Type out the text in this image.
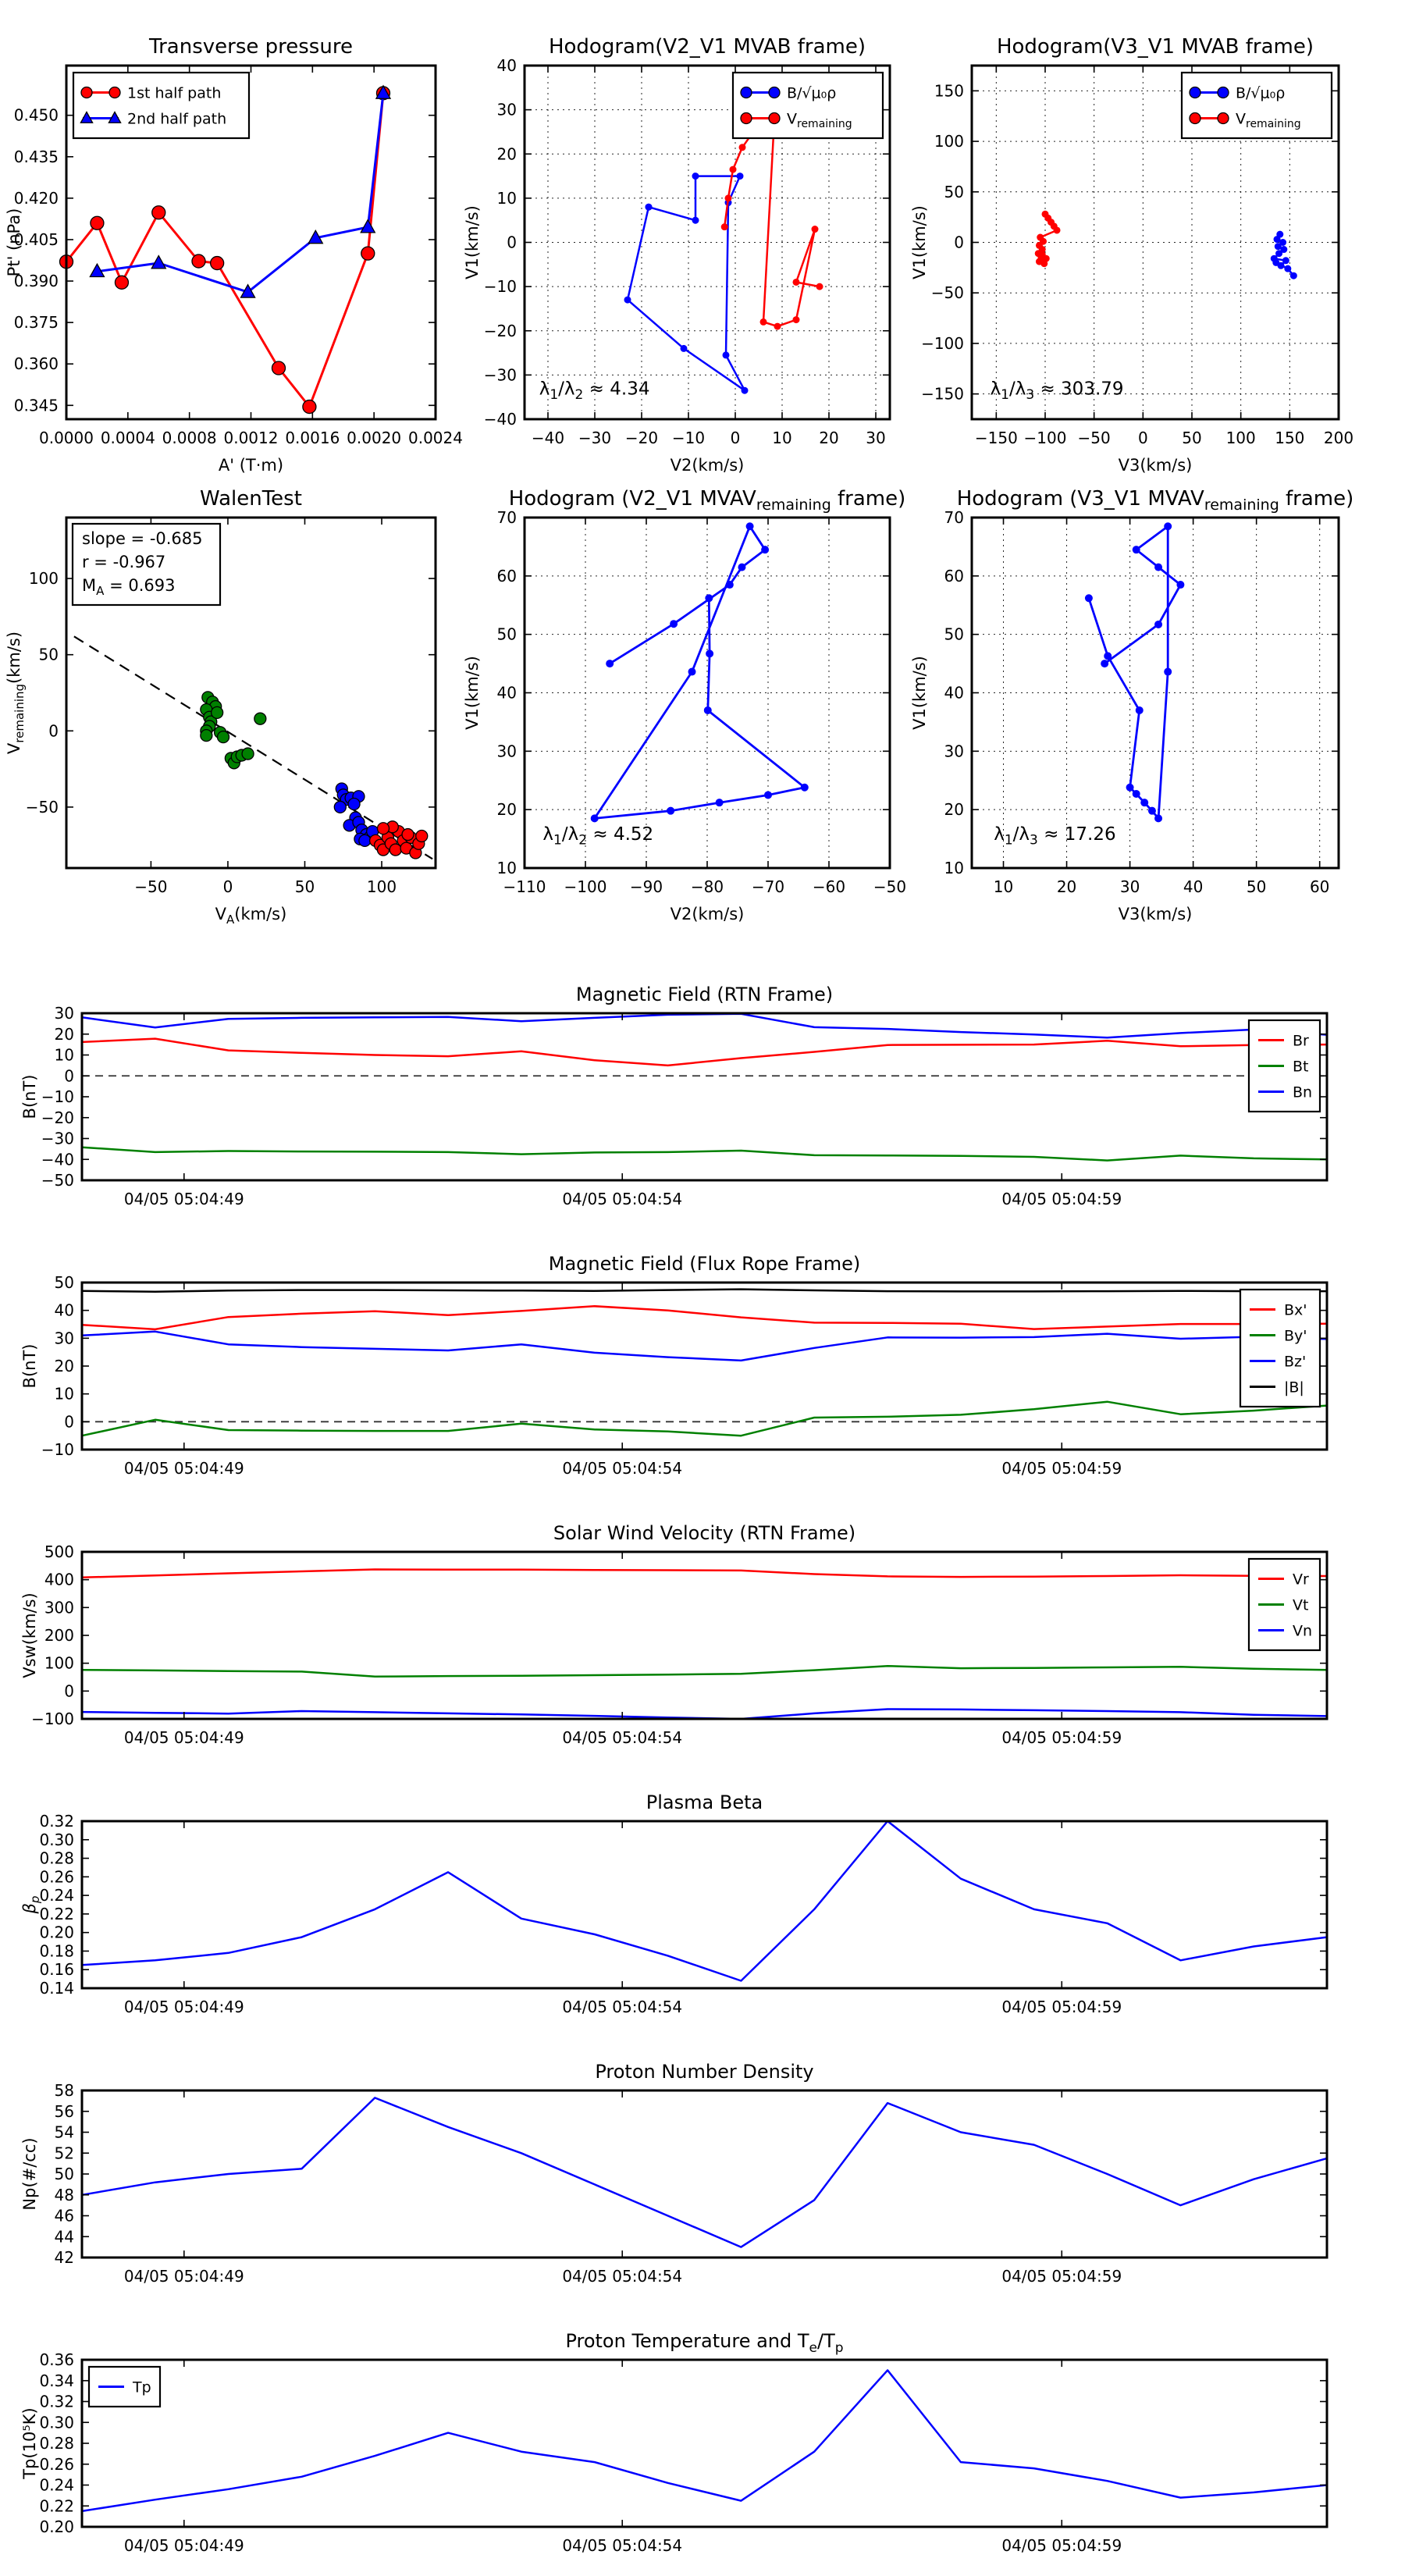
0.0000 0.0004 0.0008 0.0012 0.0016 0.0020 0.0024
0.345
0.360
0.375
0.390
0.405
0.420
0.435
0.450
Transverse pressure
A' (T·m)
Pt' (nPa)
1st half path
2nd half path
−40 −30 −20 −10 0 10 20 30
−40
−30
−20
−10
0
10
20
30
40
Hodogram(V2_V1 MVAB frame)
V2(km/s)
V1(km/s)
B/√μ₀ρ
$V_{remaining}$
$\lambda_1/\lambda_2 \approx 4.34$
−150 −100 −50 0 50 100 150 200
−150
−100
−50
0
50
100
150
Hodogram(V3_V1 MVAB frame)
V3(km/s)
V1(km/s)
B/√μ₀ρ
$V_{remaining}$
$\lambda_1/\lambda_3 \approx 303.79$
−50	0	50	100
−50
0
50
100
WalenTest
$V_A(km/s)$
$V_{remaining}(km/s)$
slope = -0.685
r = -0.967
$M_A = 0.693$
−110 −100 −90 −80 −70 −60 −50
10
20
30
40
50
60
70
Hodogram (V2_V1 $MVAV_{remaining}$ frame)
V2(km/s)
V1(km/s)
$\lambda_1/\lambda_2 \approx 4.52$
10	20	30	40	50	60
10
20
30
40
50
60
70
Hodogram (V3_V1 $MVAV_{remaining}$ frame)
V3(km/s)
V1(km/s)
$\lambda_1/\lambda_3 \approx 17.26$
04/05 05:04:49	04/05 05:04:54	04/05 05:04:59
−50
−40
−30
−20
−10
0
10
20
30
Magnetic Field (RTN Frame)
B(nT)
Br
Bt
Bn
04/05 05:04:49	04/05 05:04:54	04/05 05:04:59
−10
0
10
20
30
40
50
Magnetic Field (Flux Rope Frame)
B(nT)
Bx'
By'
Bz'
|B|
04/05 05:04:49	04/05 05:04:54	04/05 05:04:59
−100
0
100
200
300
400
500
Solar Wind Velocity (RTN Frame)
Vsw(km/s)
Vr
Vt
Vn
04/05 05:04:49	04/05 05:04:54	04/05 05:04:59
0.14
0.16
0.18
0.20
0.22
0.24
0.26
0.28
0.30
0.32
Plasma Beta
$\beta_p$
04/05 05:04:49	04/05 05:04:54	04/05 05:04:59
42
44
46
48
50
52
54
56
58
Proton Number Density
Np(#/cc)
04/05 05:04:49	04/05 05:04:54	04/05 05:04:59
0.20
0.22
0.24
0.26
0.28
0.30
0.32
0.34
0.36
Proton Temperature and $T_e/T_p$
Tp(10⁵K)
Tp
